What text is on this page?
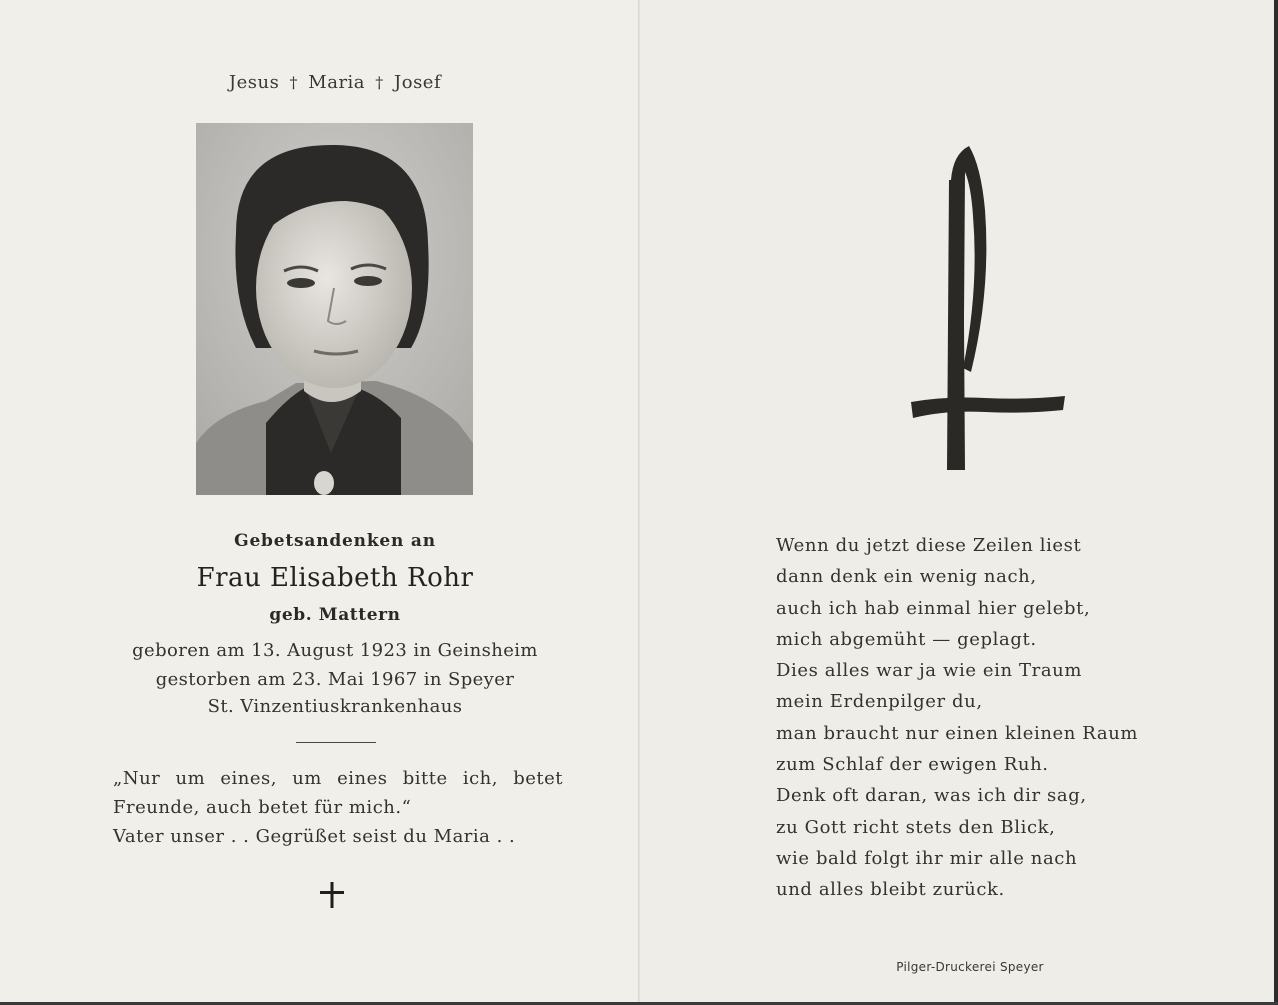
Jesus † Maria † Josef
Gebetsandenken an
Frau Elisabeth Rohr
geb. Mattern
geboren am 13. August 1923 in Geinsheim
gestorben am 23. Mai 1967 in Speyer
St. Vinzentiuskrankenhaus
„Nur um eines, um eines bitte ich, betet Freunde, auch betet für mich.“
Vater unser . . Gegrüßet seist du Maria . .
Wenn du jetzt diese Zeilen liest
dann denk ein wenig nach,
auch ich hab einmal hier gelebt,
mich abgemüht — geplagt.
Dies alles war ja wie ein Traum
mein Erdenpilger du,
man braucht nur einen kleinen Raum
zum Schlaf der ewigen Ruh.
Denk oft daran, was ich dir sag,
zu Gott richt stets den Blick,
wie bald folgt ihr mir alle nach
und alles bleibt zurück.
Pilger-Druckerei Speyer
